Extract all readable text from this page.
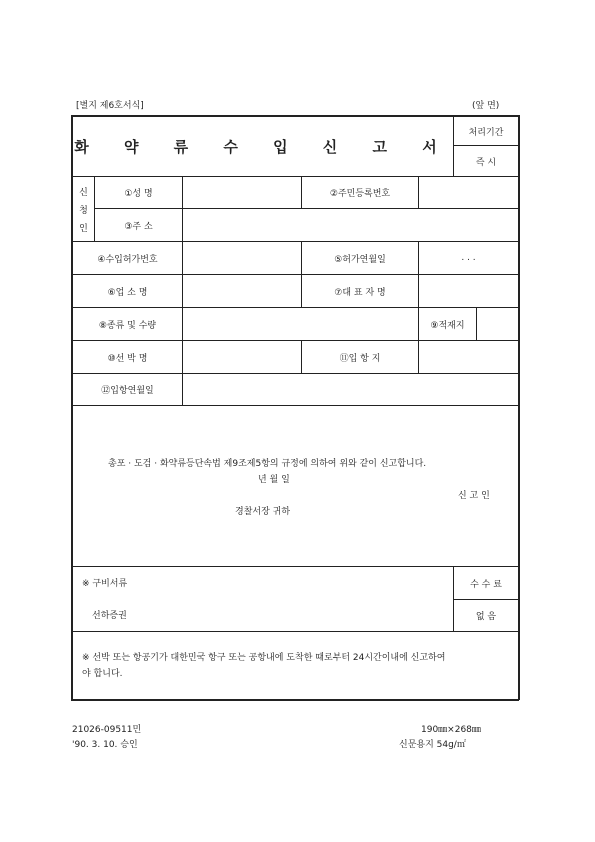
[별지 제6호서식]	(앞 면)
화 약 류 수 입 신 고 서
처리기간
즉 시
신
청
인
①성 명	②주민등록번호
③주 소
④수입허가번호	⑤허가연월일	. . .
⑥업 소 명	⑦대 표 자 명
⑧종류 및 수량	⑨적재지
⑩선 박 명	⑪입 항 지
⑫입항연월일
총포 · 도검 · 화약류등단속법 제9조제5항의 규정에 의하여 위와 같이 신고합니다.
년 월 일
신 고 인
경찰서장 귀하
※ 구비서류
선하증권
수 수 료
없 음
※ 선박 또는 항공기가 대한민국 항구 또는 공항내에 도착한 때로부터 24시간이내에 신고하여
야 합니다.
21026-09511민
'90. 3. 10. 승인
190㎜×268㎜
신문용지 54g/㎡
